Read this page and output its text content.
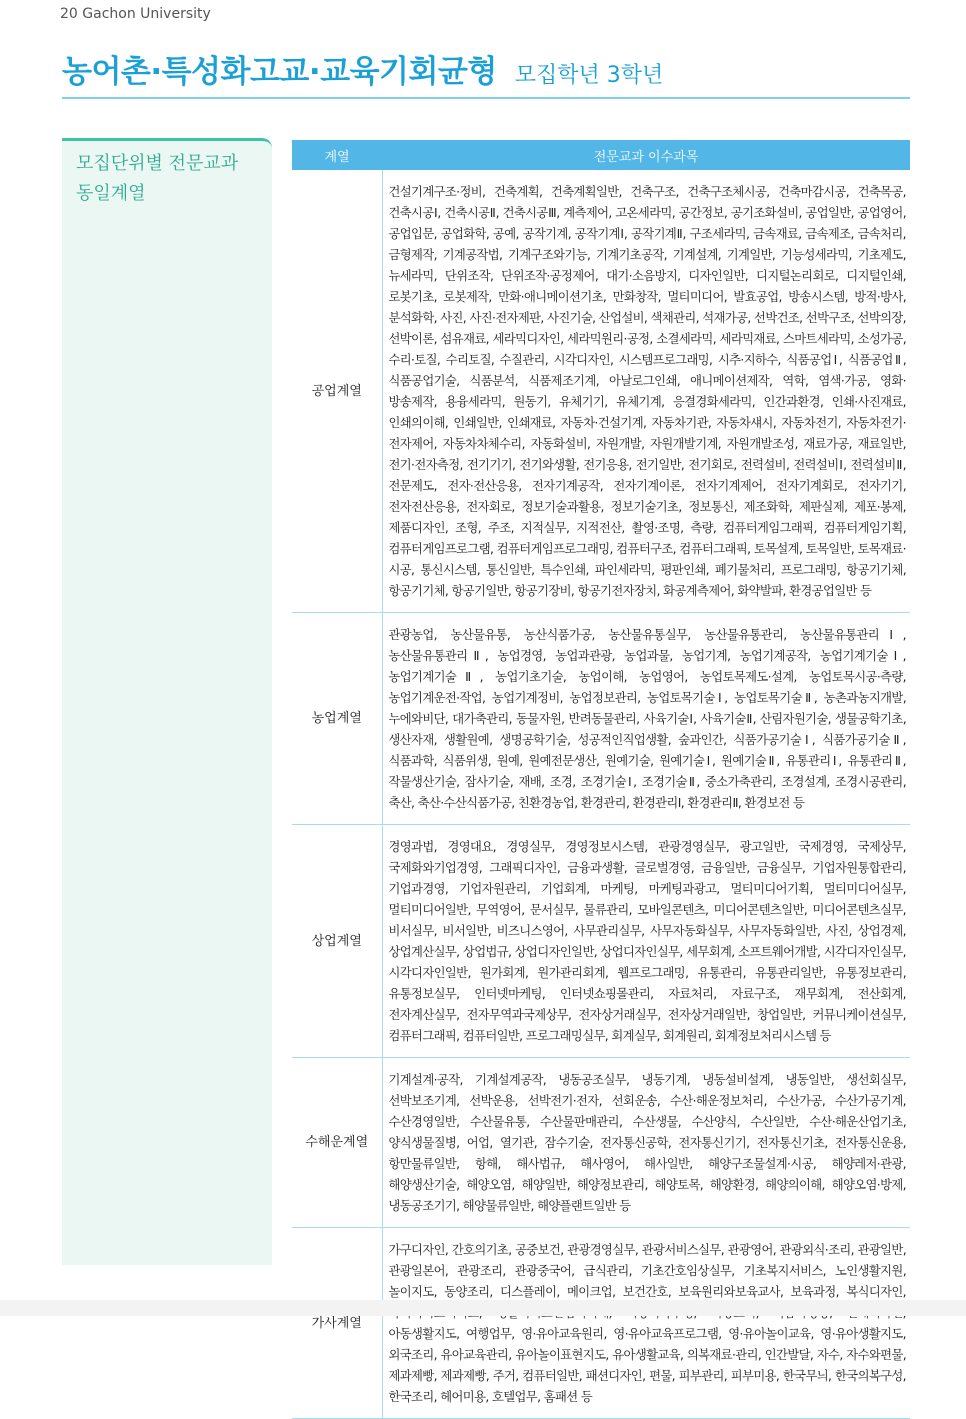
20 Gachon University
농어촌·특성화고교·교육기회균형 모집학년 3학년
모집단위별 전문교과
동일계열
계열	전문교과 이수과목
공업계열	건설기계구조·정비, 건축계획, 건축계획일반, 건축구조, 건축구조체시공, 건축마감시공, 건축목공, 건축시공Ⅰ, 건축시공Ⅱ, 건축시공Ⅲ, 계측제어, 고온세라믹, 공간정보, 공기조화설비, 공업일반, 공업영어, 공업입문, 공업화학, 공예, 공작기계, 공작기계Ⅰ, 공작기계Ⅱ, 구조세라믹, 금속재료, 금속제조, 금속처리, 금형제작, 기계공작법, 기계구조와기능, 기계기초공작, 기계설계, 기계일반, 기능성세라믹, 기초제도, 뉴세라믹, 단위조작, 단위조작·공정제어, 대기·소음방지, 디자인일반, 디지털논리회로, 디지털인쇄, 로봇기초, 로봇제작, 만화·애니메이션기초, 만화창작, 멀티미디어, 발효공업, 방송시스템, 방적·방사, 분석화학, 사진, 사진·전자제판, 사진기술, 산업설비, 색채관리, 석재가공, 선박건조, 선박구조, 선박의장, 선박이론, 섬유재료, 세라믹디자인, 세라믹원리·공정, 소결세라믹, 세라믹재료, 스마트세라믹, 소성가공, 수리·토질, 수리토질, 수질관리, 시각디자인, 시스템프로그래밍, 시추·지하수, 식품공업Ⅰ, 식품공업Ⅱ, 식품공업기술, 식품분석, 식품제조기계, 아날로그인쇄, 애니메이션제작, 역학, 염색·가공, 영화·방송제작, 용융세라믹, 원동기, 유체기기, 유체기계, 응결경화세라믹, 인간과환경, 인쇄·사진재료, 인쇄의이해, 인쇄일반, 인쇄재료, 자동차·건설기계, 자동차기관, 자동차섀시, 자동차전기, 자동차전기·전자제어, 자동차차체수리, 자동화설비, 자원개발, 자원개발기계, 자원개발조성, 재료가공, 재료일반, 전기·전자측정, 전기기기, 전기와생활, 전기응용, 전기일반, 전기회로, 전력설비, 전력설비Ⅰ, 전력설비Ⅱ, 전문제도, 전자·전산응용, 전자기계공작, 전자기계이론, 전자기계제어, 전자기계회로, 전자기기, 전자전산응용, 전자회로, 정보기술과활용, 정보기술기초, 정보통신, 제조화학, 제판실제, 제포·봉제, 제품디자인, 조형, 주조, 지적실무, 지적전산, 촬영·조명, 측량, 컴퓨터게임그래픽, 컴퓨터게임기획, 컴퓨터게임프로그램, 컴퓨터게임프로그래밍, 컴퓨터구조, 컴퓨터그래픽, 토목설계, 토목일반, 토목재료·시공, 통신시스템, 통신일반, 특수인쇄, 파인세라믹, 평판인쇄, 폐기물처리, 프로그래밍, 항공기기체, 항공기기체, 항공기일반, 항공기장비, 항공기전자장치, 화공계측제어, 화약발파, 환경공업일반 등
농업계열	관광농업, 농산물유통, 농산식품가공, 농산물유통실무, 농산물유통관리, 농산물유통관리Ⅰ, 농산물유통관리Ⅱ, 농업경영, 농업과관광, 농업과물, 농업기계, 농업기계공작, 농업기계기술Ⅰ, 농업기계기술Ⅱ, 농업기초기술, 농업이해, 농업영어, 농업토목제도·설계, 농업토목시공·측량, 농업기계운전·작업, 농업기계정비, 농업정보관리, 농업토목기술Ⅰ, 농업토목기술Ⅱ, 농촌과농지개발, 누에와비단, 대가축관리, 동물자원, 반려동물관리, 사육기술Ⅰ, 사육기술Ⅱ, 산림자원기술, 생물공학기초, 생산자재, 생활원예, 생명공학기술, 성공적인직업생활, 숲과인간, 식품가공기술Ⅰ, 식품가공기술Ⅱ, 식품과학, 식품위생, 원예, 원예전문생산, 원예기술, 원예기술Ⅰ, 원예기술Ⅱ, 유통관리Ⅰ, 유통관리Ⅱ, 작물생산기술, 잠사기술, 재배, 조경, 조경기술Ⅰ, 조경기술Ⅱ, 중소가축관리, 조경설계, 조경시공관리, 축산, 축산·수산식품가공, 친환경농업, 환경관리, 환경관리Ⅰ, 환경관리Ⅱ, 환경보전 등
상업계열	경영과법, 경영대요, 경영실무, 경영정보시스템, 관광경영실무, 광고일반, 국제경영, 국제상무, 국제화와기업경영, 그래픽디자인, 금융과생활, 글로벌경영, 금융일반, 금융실무, 기업자원통합관리, 기업과경영, 기업자원관리, 기업회계, 마케팅, 마케팅과광고, 멀티미디어기획, 멀티미디어실무, 멀티미디어일반, 무역영어, 문서실무, 물류관리, 모바일콘텐츠, 미디어콘텐츠일반, 미디어콘텐츠실무, 비서실무, 비서일반, 비즈니스영어, 사무관리실무, 사무자동화실무, 사무자동화일반, 사진, 상업경제, 상업계산실무, 상업법규, 상업디자인일반, 상업디자인실무, 세무회계, 소프트웨어개발, 시각디자인실무, 시각디자인일반, 원가회계, 원가관리회계, 웹프로그래밍, 유통관리, 유통관리일반, 유통정보관리, 유통정보실무, 인터넷마케팅, 인터넷쇼핑몰관리, 자료처리, 자료구조, 재무회계, 전산회계, 전자계산실무, 전자무역과국제상무, 전자상거래실무, 전자상거래일반, 창업일반, 커뮤니케이션실무, 컴퓨터그래픽, 컴퓨터일반, 프로그래밍실무, 회계실무, 회계원리, 회계정보처리시스템 등
수해운계열	기계설계·공작, 기계설계공작, 냉동공조실무, 냉동기계, 냉동설비설계, 냉동일반, 생선회실무, 선박보조기계, 선박운용, 선박전기·전자, 선회운송, 수산·해운정보처리, 수산가공, 수산가공기계, 수산경영일반, 수산물유통, 수산물판매관리, 수산생물, 수산양식, 수산일반, 수산·해운산업기초, 양식생물질병, 어업, 열기관, 잠수기술, 전자통신공학, 전자통신기기, 전자통신기초, 전자통신운용, 항만물류일반, 항해, 해사법규, 해사영어, 해사일반, 해양구조물설계·시공, 해양레저·관광, 해양생산기술, 해양오염, 해양일반, 해양정보관리, 해양토목, 해양환경, 해양의이해, 해양오염·방제, 냉동공조기기, 해양물류일반, 해양플랜트일반 등
가사계열	가구디자인, 간호의기초, 공중보건, 관광경영실무, 관광서비스실무, 관광영어, 관광외식·조리, 관광일반, 관광일본어, 관광조리, 관광중국어, 급식관리, 기초간호임상실무, 기초복지서비스, 노인생활지원, 놀이지도, 동양조리, 디스플레이, 메이크업, 보건간호, 보육원리와보육교사, 보육과정, 복식디자인, 아동생활지도, 여행업무, 영·유아교육원리, 영·유아교육프로그램, 영·유아놀이교육, 영·유아생활지도, 외국조리, 유아교육관리, 유아놀이표현지도, 유아생활교육, 의복재료·관리, 인간발달, 자수, 자수와편물, 제과제빵, 제과제빵, 주거, 컴퓨터일반, 패션디자인, 편물, 피부관리, 피부미용, 한국무늬, 한국의복구성, 한국조리, 헤어미용, 호텔업무, 홈패션 등
